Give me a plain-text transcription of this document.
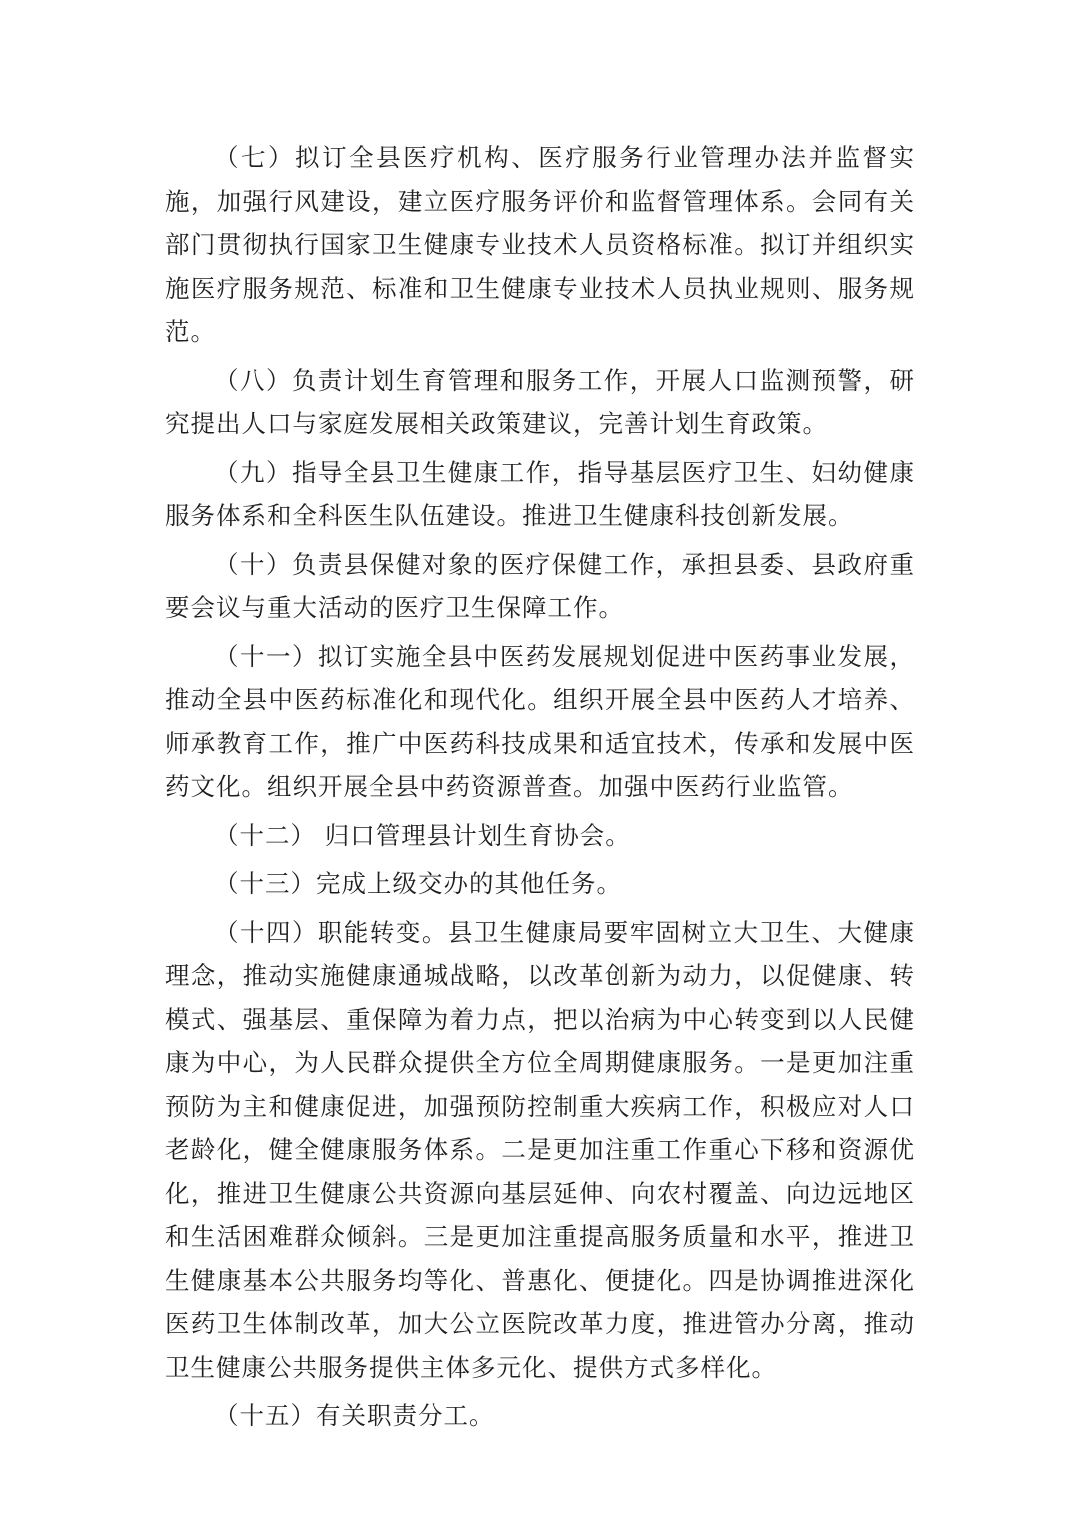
（七）拟订全县医疗机构、医疗服务行业管理办法并监督实施，加强行风建设，建立医疗服务评价和监督管理体系。会同有关部门贯彻执行国家卫生健康专业技术人员资格标准。拟订并组织实施医疗服务规范、标准和卫生健康专业技术人员执业规则、服务规范。

（八）负责计划生育管理和服务工作，开展人口监测预警，研究提出人口与家庭发展相关政策建议，完善计划生育政策。

（九）指导全县卫生健康工作，指导基层医疗卫生、妇幼健康服务体系和全科医生队伍建设。推进卫生健康科技创新发展。

（十）负责县保健对象的医疗保健工作，承担县委、县政府重要会议与重大活动的医疗卫生保障工作。

（十一）拟订实施全县中医药发展规划促进中医药事业发展，推动全县中医药标准化和现代化。组织开展全县中医药人才培养、师承教育工作，推广中医药科技成果和适宜技术，传承和发展中医药文化。组织开展全县中药资源普查。加强中医药行业监管。

（十二） 归口管理县计划生育协会。

（十三）完成上级交办的其他任务。

（十四）职能转变。县卫生健康局要牢固树立大卫生、大健康理念，推动实施健康通城战略，以改革创新为动力，以促健康、转模式、强基层、重保障为着力点，把以治病为中心转变到以人民健康为中心，为人民群众提供全方位全周期健康服务。一是更加注重预防为主和健康促进，加强预防控制重大疾病工作，积极应对人口老龄化，健全健康服务体系。二是更加注重工作重心下移和资源优化，推进卫生健康公共资源向基层延伸、向农村覆盖、向边远地区和生活困难群众倾斜。三是更加注重提高服务质量和水平，推进卫生健康基本公共服务均等化、普惠化、便捷化。四是协调推进深化医药卫生体制改革，加大公立医院改革力度，推进管办分离，推动卫生健康公共服务提供主体多元化、提供方式多样化。

（十五）有关职责分工。
